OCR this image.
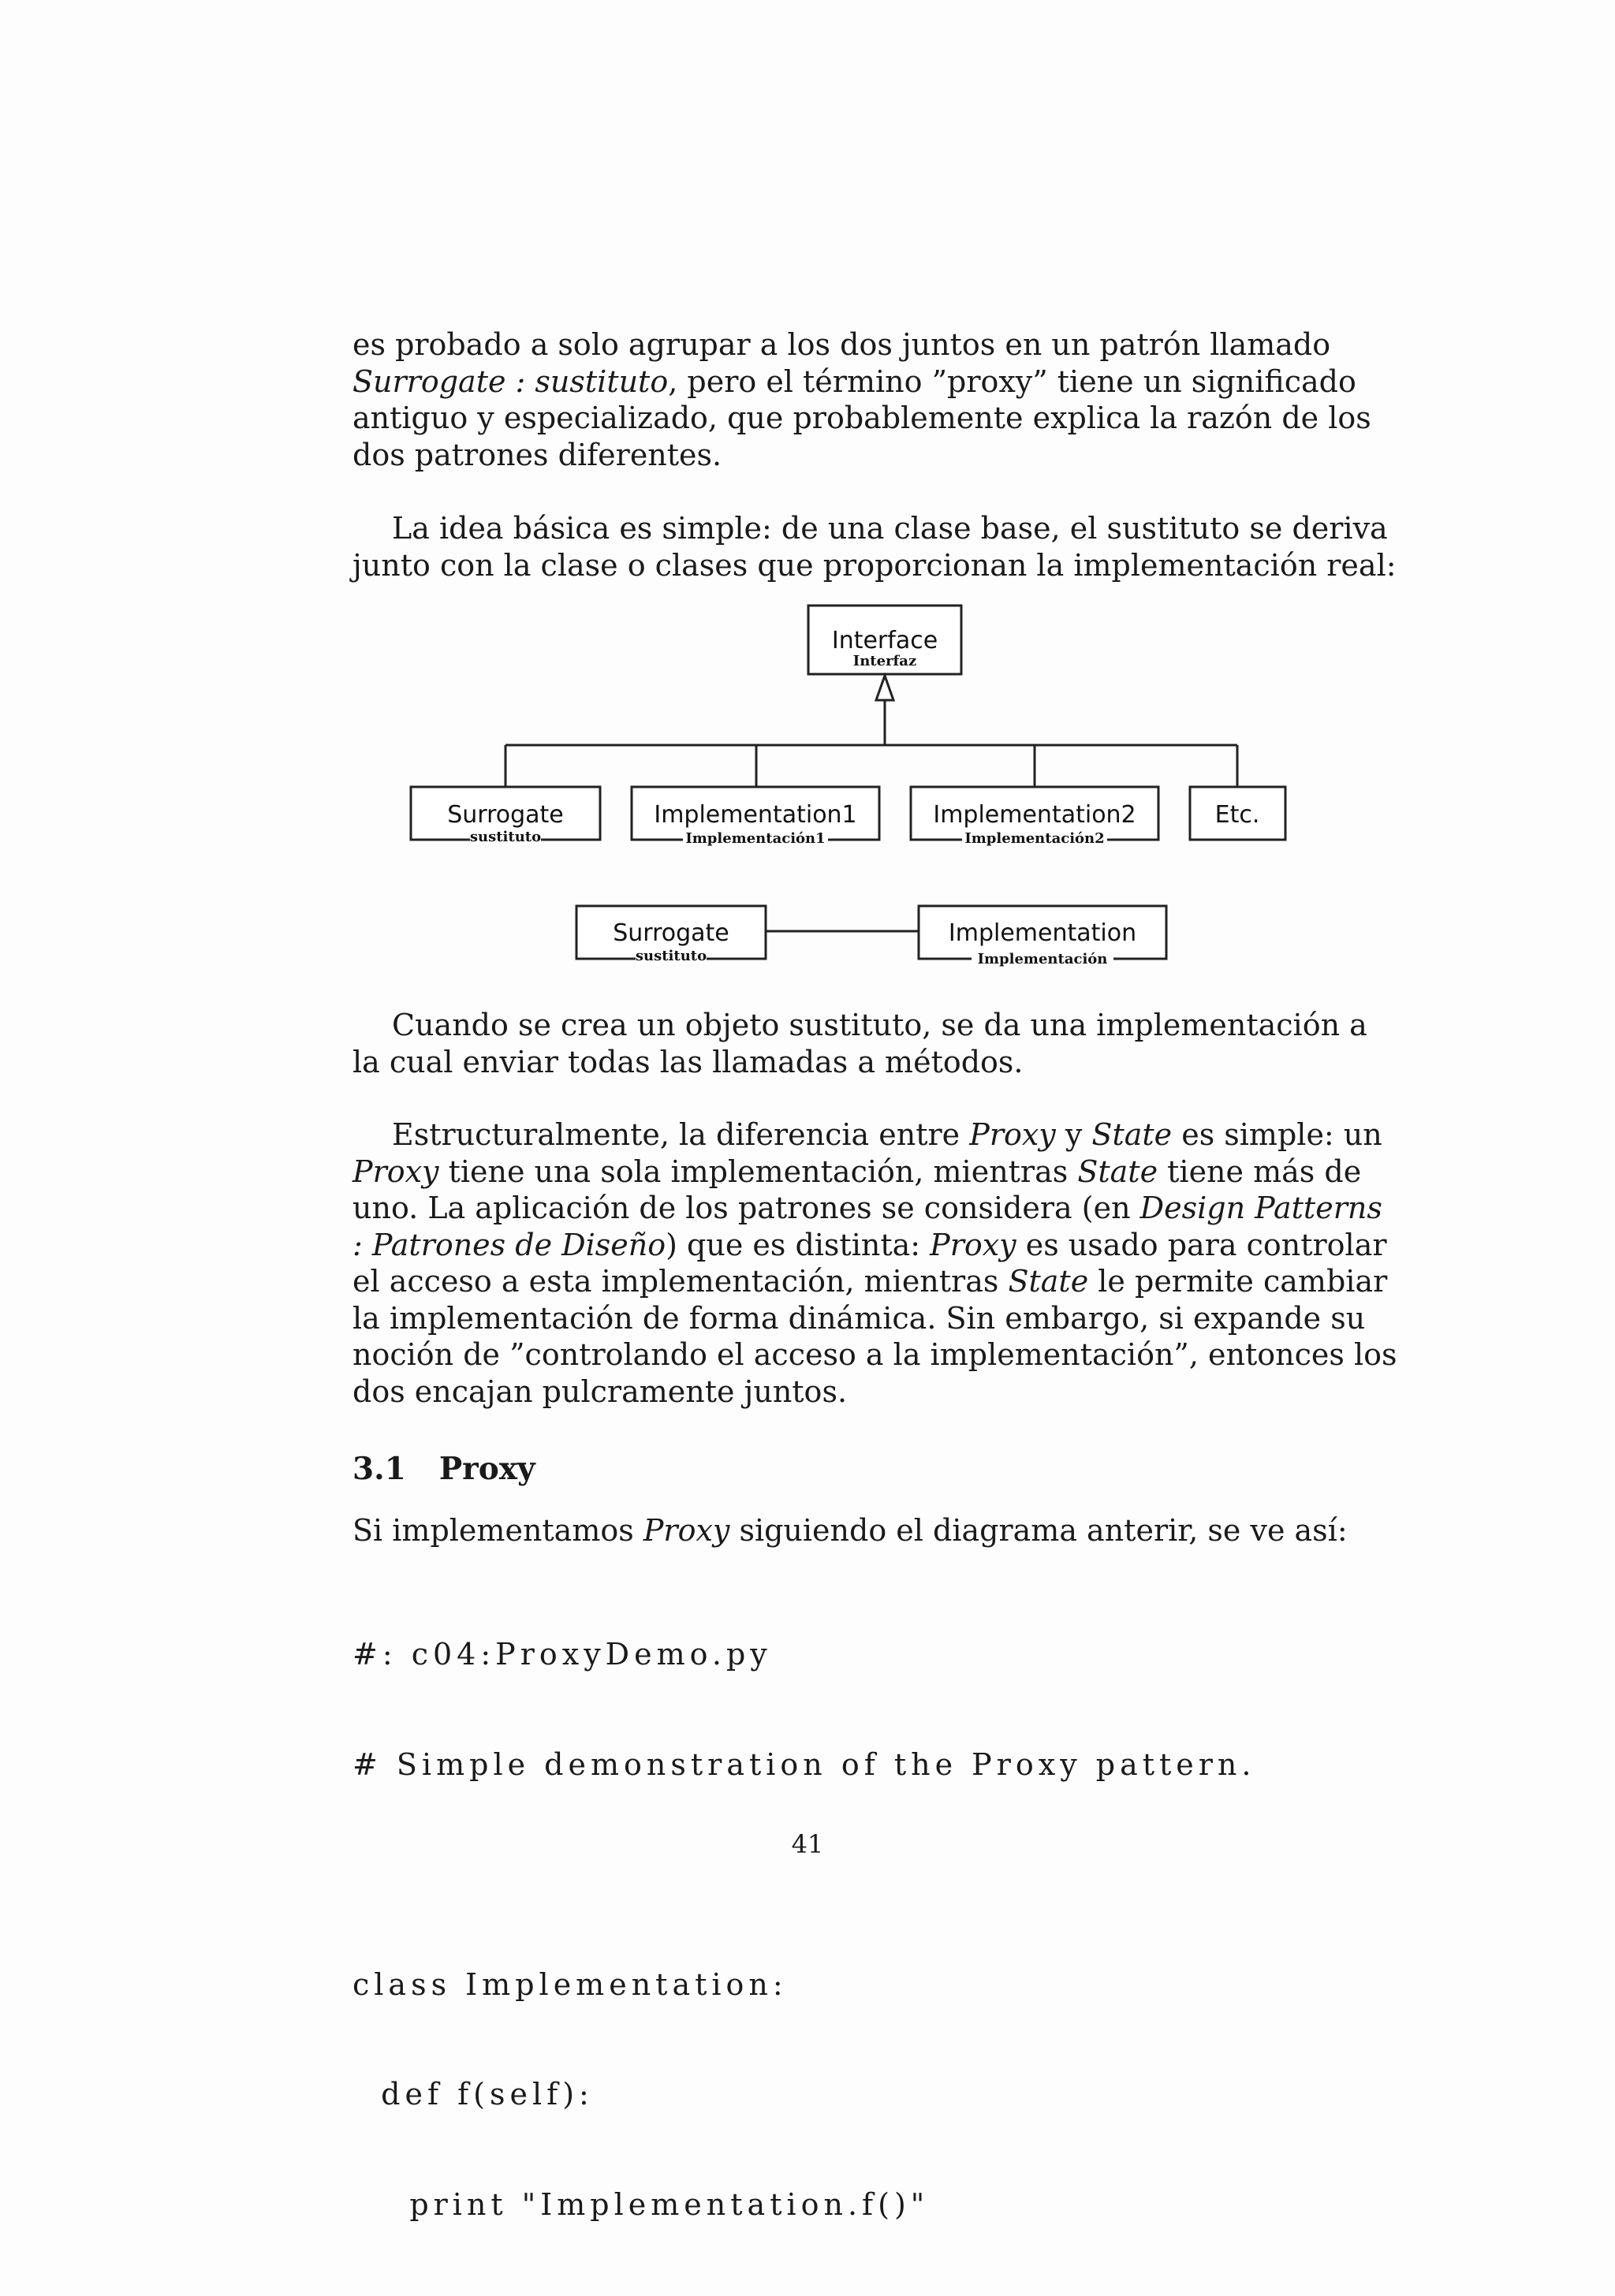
es probado a solo agrupar a los dos juntos en un patrón llamado
Surrogate : sustituto, pero el término ”proxy” tiene un significado
antiguo y especializado, que probablemente explica la razón de los
dos patrones diferentes.
La idea básica es simple: de una clase base, el sustituto se deriva
junto con la clase o clases que proporcionan la implementación real:
Interface
Interfaz
Surrogate
sustituto
Implementation1
Implementación1
Implementation2
Implementación2
Etc.
Surrogate
sustituto
Implementation
Implementación
Cuando se crea un objeto sustituto, se da una implementación a
la cual enviar todas las llamadas a métodos.
Estructuralmente, la diferencia entre Proxy y State es simple: un
Proxy tiene una sola implementación, mientras State tiene más de
uno. La aplicación de los patrones se considera (en Design Patterns
: Patrones de Diseño) que es distinta: Proxy es usado para controlar
el acceso a esta implementación, mientras State le permite cambiar
la implementación de forma dinámica. Sin embargo, si expande su
noción de ”controlando el acceso a la implementación”, entonces los
dos encajan pulcramente juntos.
3.1 Proxy
Si implementamos Proxy siguiendo el diagrama anterir, se ve así:

#: c04:ProxyDemo.py

# Simple demonstration of the Proxy pattern.

class Implementation:

def f(self):

print "Implementation.f()"

41
